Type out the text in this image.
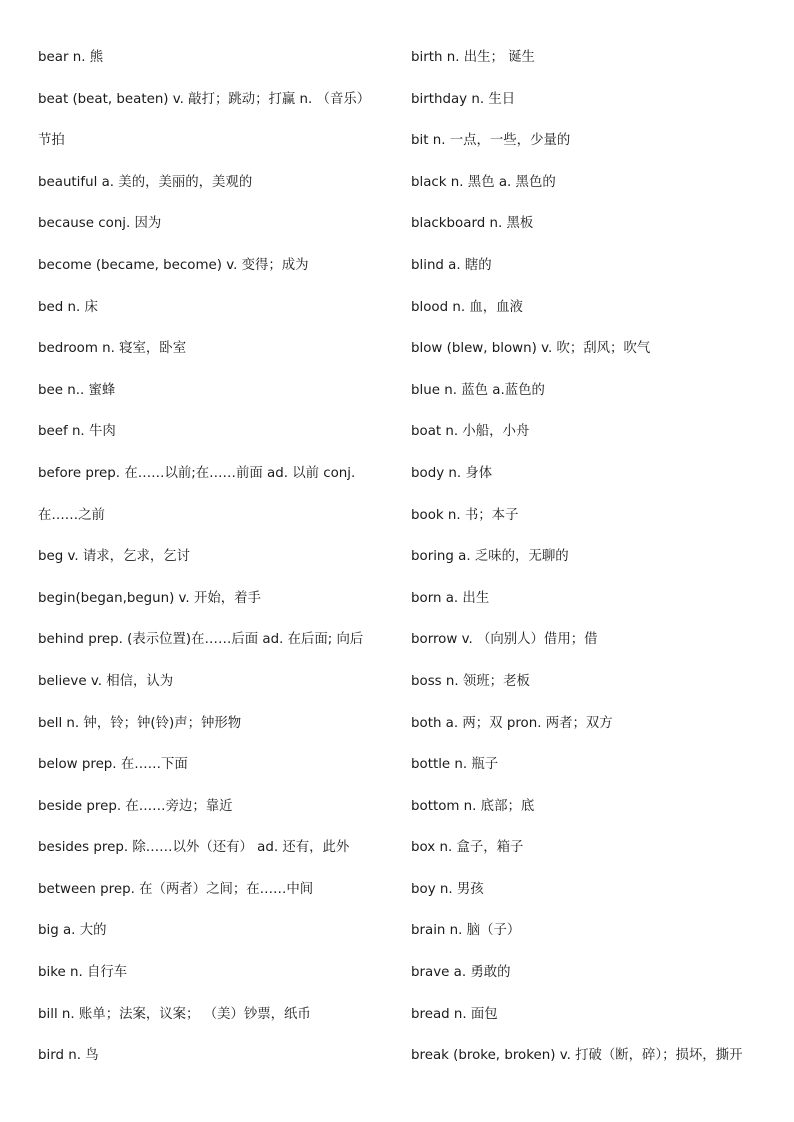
bear n. 熊
beat (beat, beaten) v. 敲打；跳动；打赢 n. （音乐）
节拍
beautiful a. 美的，美丽的，美观的
because conj. 因为
become (became, become) v. 变得；成为
bed n. 床
bedroom n. 寝室，卧室
bee n.. 蜜蜂
beef n. 牛肉
before prep. 在……以前;在……前面 ad. 以前 conj.
在……之前
beg v. 请求，乞求，乞讨
begin(began,begun) v. 开始，着手
behind prep. (表示位置)在……后面 ad. 在后面; 向后
believe v. 相信，认为
bell n. 钟，铃；钟(铃)声；钟形物
below prep. 在……下面
beside prep. 在……旁边；靠近
besides prep. 除……以外（还有） ad. 还有，此外
between prep. 在（两者）之间；在……中间
big a. 大的
bike n. 自行车
bill n. 账单；法案，议案； （美）钞票，纸币
bird n. 鸟
birth n. 出生； 诞生
birthday n. 生日
bit n. 一点，一些，少量的
black n. 黑色 a. 黑色的
blackboard n. 黑板
blind a. 瞎的
blood n. 血，血液
blow (blew, blown) v. 吹；刮风；吹气
blue n. 蓝色 a.蓝色的
boat n. 小船，小舟
body n. 身体
book n. 书；本子
boring a. 乏味的，无聊的
born a. 出生
borrow v. （向别人）借用；借
boss n. 领班；老板
both a. 两；双 pron. 两者；双方
bottle n. 瓶子
bottom n. 底部；底
box n. 盒子，箱子
boy n. 男孩
brain n. 脑（子）
brave a. 勇敢的
bread n. 面包
break (broke, broken) v. 打破（断，碎）；损坏，撕开
